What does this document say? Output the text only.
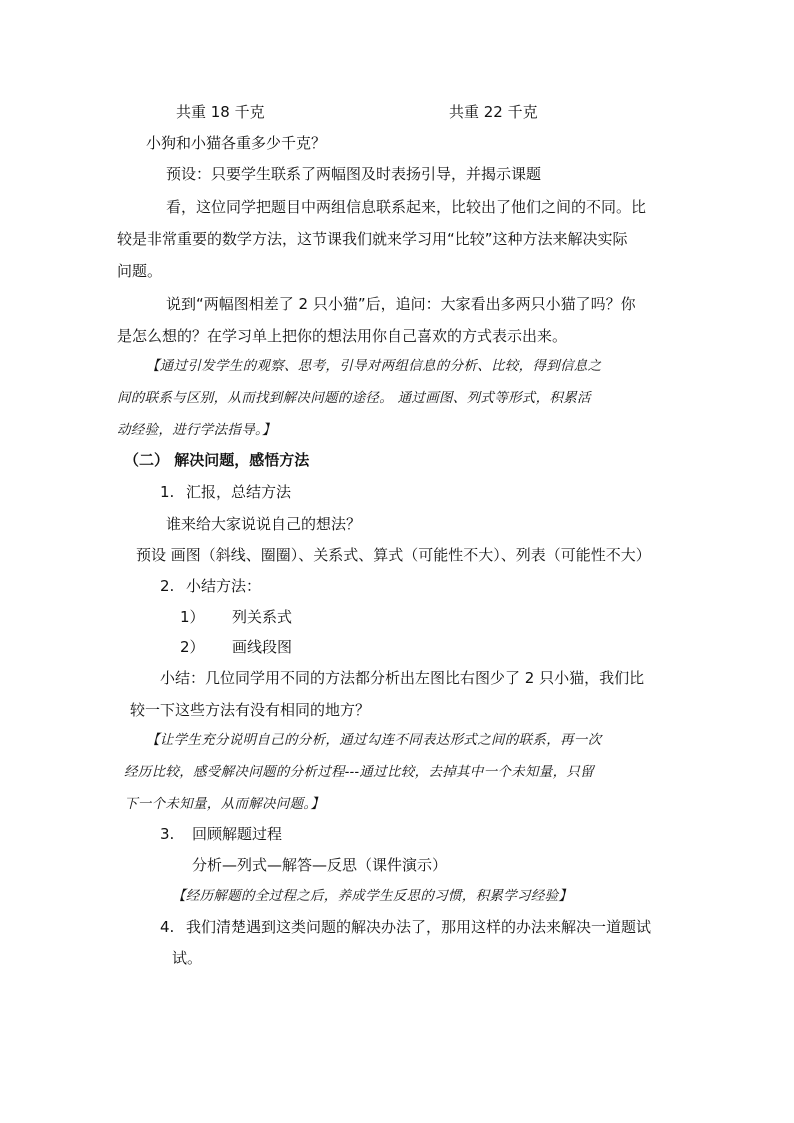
共重 18 千克	共重 22 千克
小狗和小猫各重多少千克？
预设：只要学生联系了两幅图及时表扬引导，并揭示课题
看，这位同学把题目中两组信息联系起来，比较出了他们之间的不同。比
较是非常重要的数学方法，这节课我们就来学习用“比较”这种方法来解决实际
问题。
说到“两幅图相差了 2 只小猫”后，追问：大家看出多两只小猫了吗？你
是怎么想的？在学习单上把你的想法用你自己喜欢的方式表示出来。
【通过引发学生的观察、思考，引导对两组信息的分析、比较，得到信息之
间的联系与区别，从而找到解决问题的途径。 通过画图、列式等形式，积累活
动经验，进行学法指导。】
（二） 解决问题，感悟方法
1. 汇报，总结方法
谁来给大家说说自己的想法？
预设 画图（斜线、圈圈）、关系式、算式（可能性不大）、列表（可能性不大）
2. 小结方法：
1） 列关系式
2） 画线段图
小结：几位同学用不同的方法都分析出左图比右图少了 2 只小猫，我们比
较一下这些方法有没有相同的地方？
【让学生充分说明自己的分析，通过勾连不同表达形式之间的联系，再一次
经历比较，感受解决问题的分析过程---通过比较，去掉其中一个未知量，只留
下一个未知量，从而解决问题。】
3. 回顾解题过程
分析—列式—解答—反思（课件演示）
【经历解题的全过程之后，养成学生反思的习惯，积累学习经验】
4. 我们清楚遇到这类问题的解决办法了，那用这样的办法来解决一道题试
试。
